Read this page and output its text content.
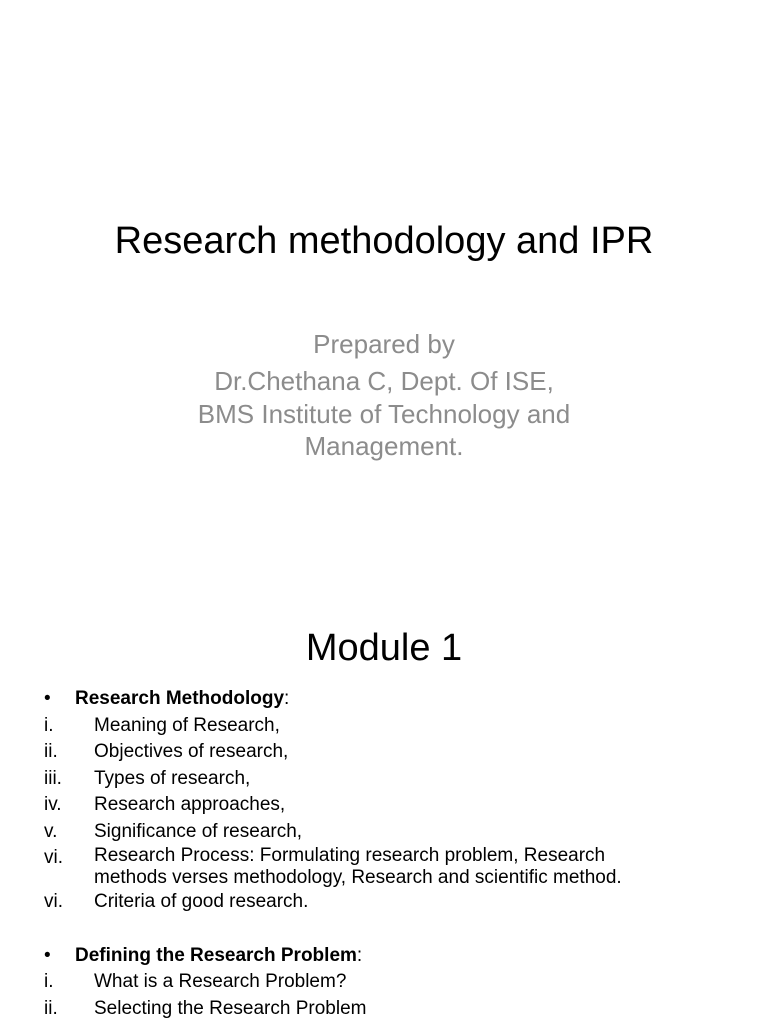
Research methodology and IPR
Prepared by
Dr.Chethana C, Dept. Of ISE,
BMS Institute of Technology and
Management.
Module 1
• Research Methodology:
i. Meaning of Research,
ii. Objectives of research,
iii. Types of research,
iv. Research approaches,
v. Significance of research,
vi. Research Process: Formulating research problem, Research
methods verses methodology, Research and scientific method.
vi. Criteria of good research.
• Defining the Research Problem:
i. What is a Research Problem?
ii. Selecting the Research Problem
